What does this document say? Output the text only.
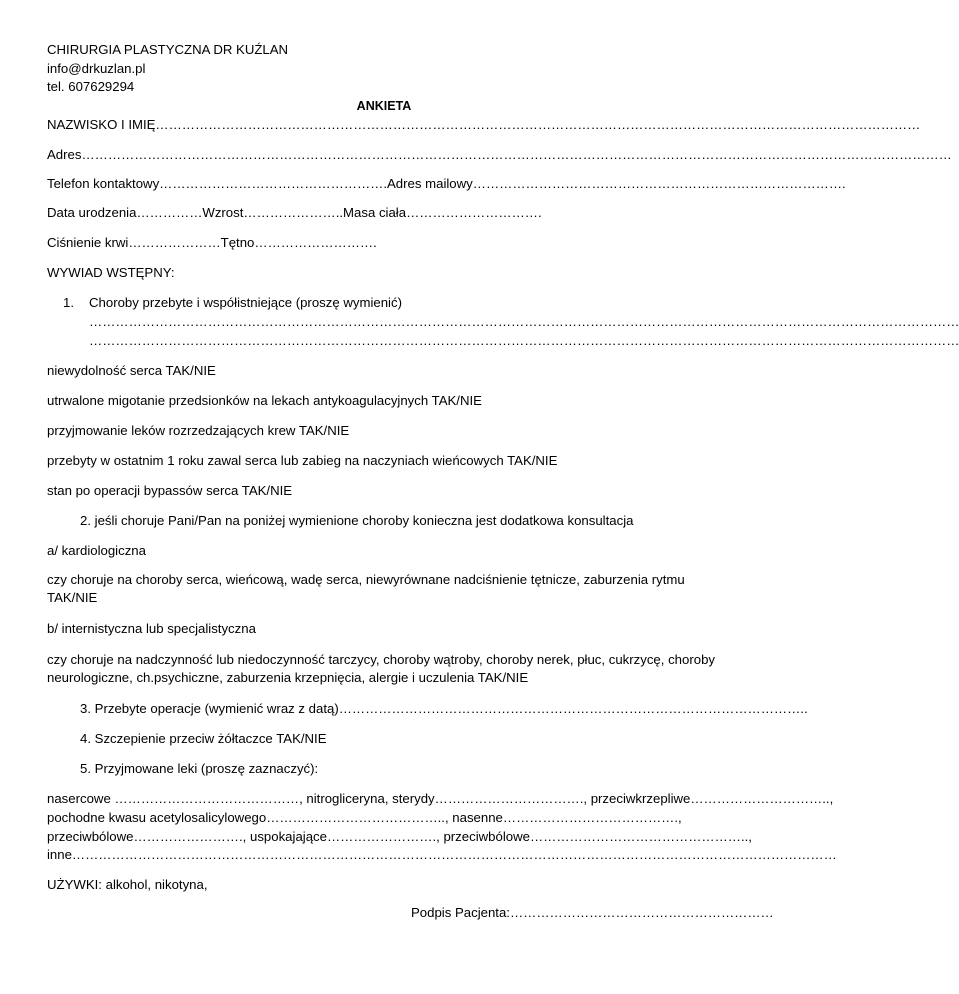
CHIRURGIA PLASTYCZNA DR KUŹLAN
info@drkuzlan.pl
tel. 607629294
ANKIETA
NAZWISKO I IMIĘ…………………………………………………………………………………………………………………………………………………………
Adres………………………………………………………………………………………………………………………………………………………………………………
Telefon kontaktowy…………………………………………….Adres mailowy………………………………………………………………………….
Data urodzenia……………Wzrost…………………..Masa ciała………………………….
Ciśnienie krwi…………………Tętno……………………….
WYWIAD WSTĘPNY:
1. Choroby przebyte i współistniejące (proszę wymienić)
………………………………………………………………………………………………………………………………………………………………………………
………………………………………………………………………………………………………………………………………………………………………………
niewydolność serca TAK/NIE
utrwalone migotanie przedsionków na lekach antykoagulacyjnych TAK/NIE
przyjmowanie leków rozrzedzających krew TAK/NIE
przebyty w ostatnim 1 roku zawal serca lub zabieg na naczyniach wieńcowych TAK/NIE
stan po operacji bypassów serca TAK/NIE
2. jeśli choruje Pani/Pan na poniżej wymienione choroby konieczna jest dodatkowa konsultacja
a/ kardiologiczna
czy choruje na choroby serca, wieńcową, wadę serca, niewyrównane nadciśnienie tętnicze, zaburzenia rytmu TAK/NIE
b/ internistyczna lub specjalistyczna
czy choruje na nadczynność lub niedoczynność tarczycy, choroby wątroby, choroby nerek, płuc, cukrzycę, choroby neurologiczne, ch.psychiczne, zaburzenia krzepnięcia, alergie i uczulenia TAK/NIE
3. Przebyte operacje (wymienić wraz z datą)……………………………………………………………………………………………..
4. Szczepienie przeciw żółtaczce TAK/NIE
5. Przyjmowane leki (proszę zaznaczyć):
nasercowe ……………………………………, nitrogliceryna, sterydy……………………………., przeciwkrzepliwe…………………………..,
pochodne kwasu acetylosalicylowego………………………………….., nasenne………………………………….,
przeciwbólowe……………………., uspokajające……………………., przeciwbólowe…………………………………………..,
inne…………………………………………………………………………………………………………………………………………………………
UŻYWKI: alkohol, nikotyna,
Podpis Pacjenta:……………………………………………………
